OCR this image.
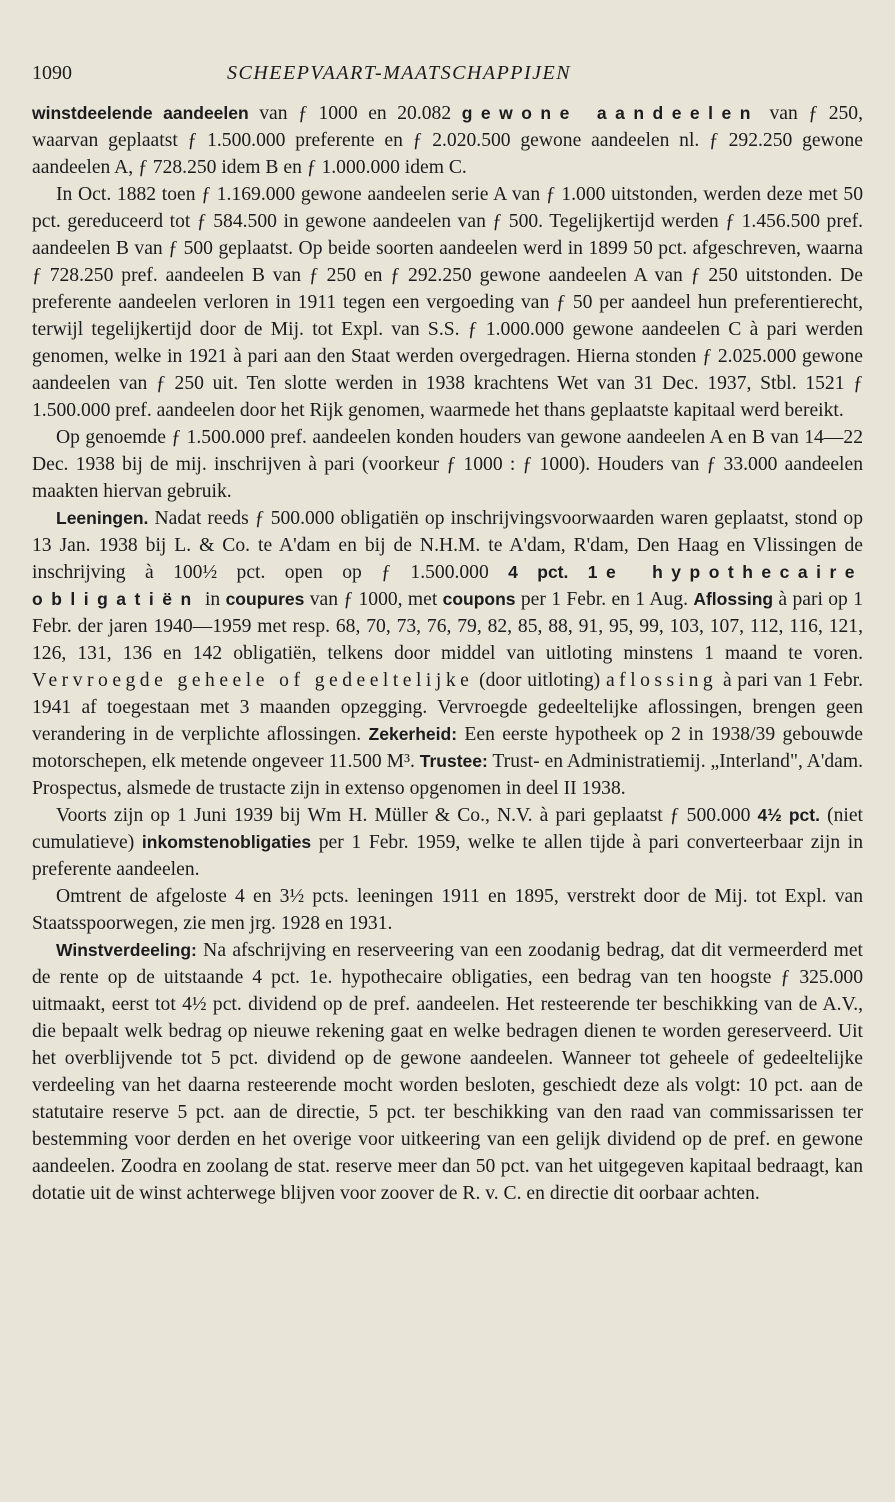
1090	SCHEEPVAART-MAATSCHAPPIJEN

winstdeelende aandeelen van ƒ 1000 en 20.082 gewone aandeelen van ƒ 250, waarvan geplaatst ƒ 1.500.000 preferente en ƒ 2.020.500 gewone aandeelen nl. ƒ 292.250 gewone aandeelen A, ƒ 728.250 idem B en ƒ 1.000.000 idem C.

In Oct. 1882 toen ƒ 1.169.000 gewone aandeelen serie A van ƒ 1.000 uitstonden, werden deze met 50 pct. gereduceerd tot ƒ 584.500 in gewone aandeelen van ƒ 500. Tegelijkertijd werden ƒ 1.456.500 pref. aandeelen B van ƒ 500 geplaatst. Op beide soorten aandeelen werd in 1899 50 pct. afgeschreven, waarna ƒ 728.250 pref. aandeelen B van ƒ 250 en ƒ 292.250 gewone aandeelen A van ƒ 250 uitstonden. De preferente aandeelen verloren in 1911 tegen een vergoeding van ƒ 50 per aandeel hun preferentierecht, terwijl tegelijkertijd door de Mij. tot Expl. van S.S. ƒ 1.000.000 gewone aandeelen C à pari werden genomen, welke in 1921 à pari aan den Staat werden overgedragen. Hierna stonden ƒ 2.025.000 gewone aandeelen van ƒ 250 uit. Ten slotte werden in 1938 krachtens Wet van 31 Dec. 1937, Stbl. 1521 ƒ 1.500.000 pref. aandeelen door het Rijk genomen, waarmede het thans geplaatste kapitaal werd bereikt.

Op genoemde ƒ 1.500.000 pref. aandeelen konden houders van gewone aandeelen A en B van 14—22 Dec. 1938 bij de mij. inschrijven à pari (voorkeur ƒ 1000 : ƒ 1000). Houders van ƒ 33.000 aandeelen maakten hiervan gebruik.

Leeningen. Nadat reeds ƒ 500.000 obligatiën op inschrijvingsvoorwaarden waren geplaatst, stond op 13 Jan. 1938 bij L. & Co. te A'dam en bij de N.H.M. te A'dam, R'dam, Den Haag en Vlissingen de inschrijving à 100½ pct. open op ƒ 1.500.000 4 pct. 1e hypothecaire obligatiën in coupures van ƒ 1000, met coupons per 1 Febr. en 1 Aug. Aflossing à pari op 1 Febr. der jaren 1940—1959 met resp. 68, 70, 73, 76, 79, 82, 85, 88, 91, 95, 99, 103, 107, 112, 116, 121, 126, 131, 136 en 142 obligatiën, telkens door middel van uitloting minstens 1 maand te voren. Vervroegde geheele of gedeeltelijke (door uitloting) aflossing à pari van 1 Febr. 1941 af toegestaan met 3 maanden opzegging. Vervroegde gedeeltelijke aflossingen, brengen geen verandering in de verplichte aflossingen. Zekerheid: Een eerste hypotheek op 2 in 1938/39 gebouwde motorschepen, elk metende ongeveer 11.500 M³. Trustee: Trust- en Administratiemij. „Interland", A'dam. Prospectus, alsmede de trustacte zijn in extenso opgenomen in deel II 1938.

Voorts zijn op 1 Juni 1939 bij Wm H. Müller & Co., N.V. à pari geplaatst ƒ 500.000 4½ pct. (niet cumulatieve) inkomstenobligaties per 1 Febr. 1959, welke te allen tijde à pari converteerbaar zijn in preferente aandeelen.

Omtrent de afgeloste 4 en 3½ pcts. leeningen 1911 en 1895, verstrekt door de Mij. tot Expl. van Staatsspoorwegen, zie men jrg. 1928 en 1931.

Winstverdeeling: Na afschrijving en reserveering van een zoodanig bedrag, dat dit vermeerderd met de rente op de uitstaande 4 pct. 1e. hypothecaire obligaties, een bedrag van ten hoogste ƒ 325.000 uitmaakt, eerst tot 4½ pct. dividend op de pref. aandeelen. Het resteerende ter beschikking van de A.V., die bepaalt welk bedrag op nieuwe rekening gaat en welke bedragen dienen te worden gereserveerd. Uit het overblijvende tot 5 pct. dividend op de gewone aandeelen. Wanneer tot geheele of gedeeltelijke verdeeling van het daarna resteerende mocht worden besloten, geschiedt deze als volgt: 10 pct. aan de statutaire reserve 5 pct. aan de directie, 5 pct. ter beschikking van den raad van commissarissen ter bestemming voor derden en het overige voor uitkeering van een gelijk dividend op de pref. en gewone aandeelen. Zoodra en zoolang de stat. reserve meer dan 50 pct. van het uitgegeven kapitaal bedraagt, kan dotatie uit de winst achterwege blijven voor zoover de R. v. C. en directie dit oorbaar achten.
